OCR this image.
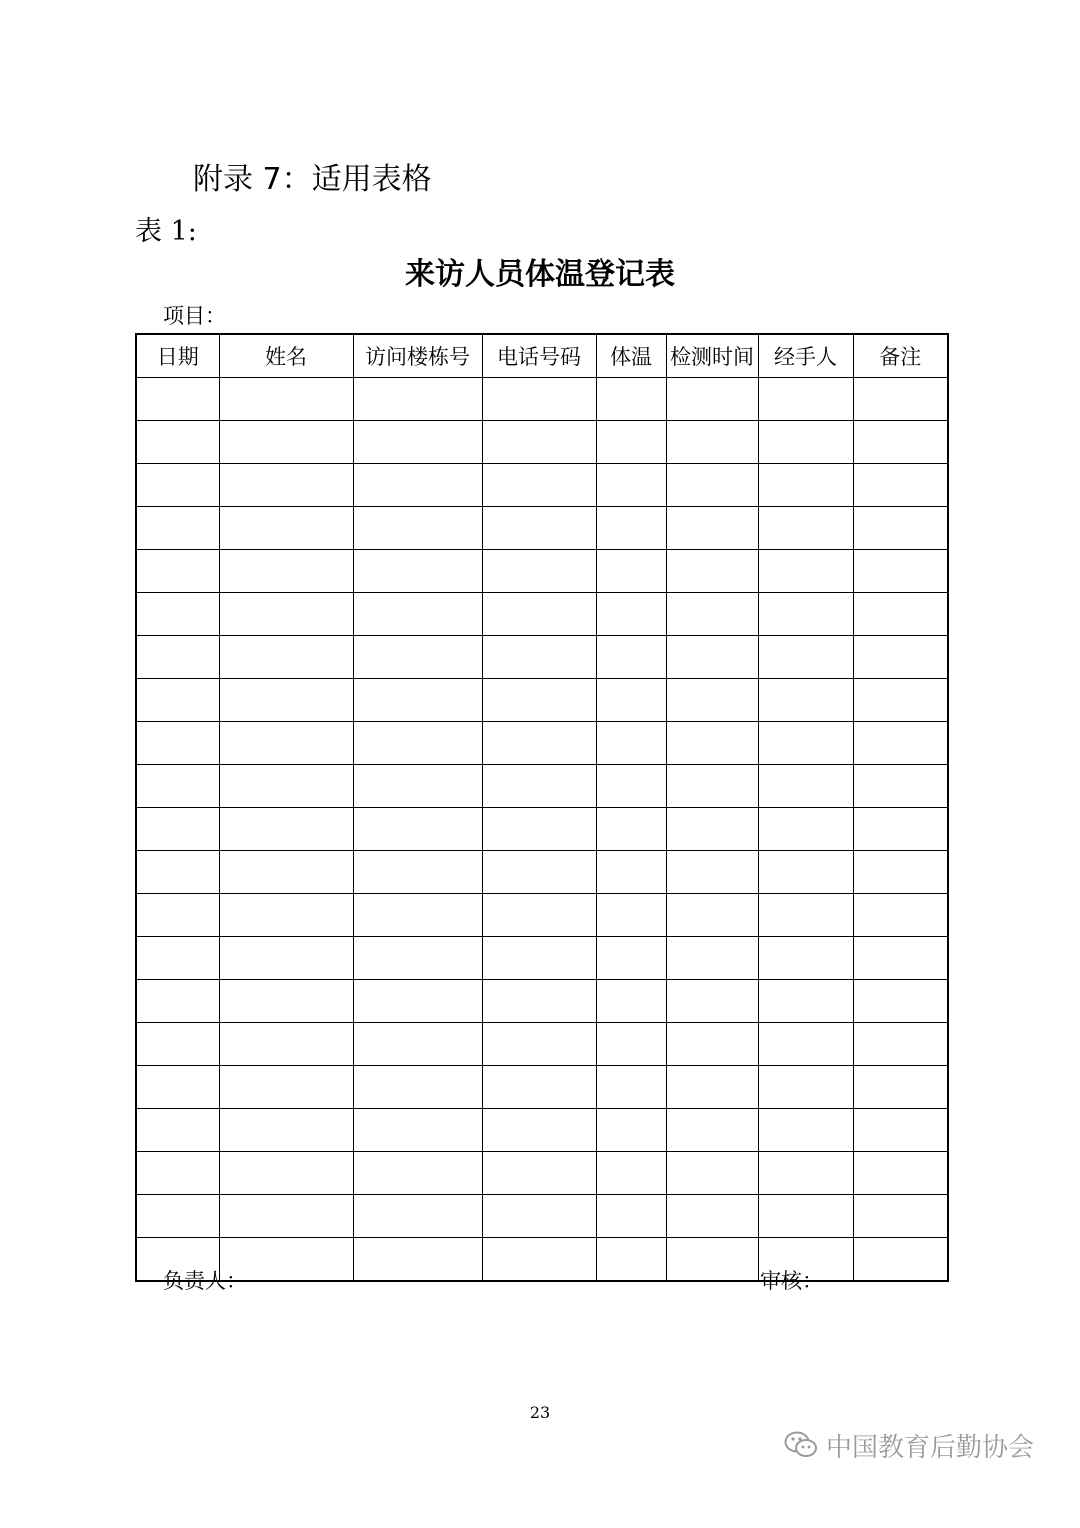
附录 7：适用表格
表 1:
来访人员体温登记表
项目：
日期	姓名	访问楼栋号	电话号码	体温	检测时间	经手人	备注

负责人：	审核：
23
中国教育后勤协会
